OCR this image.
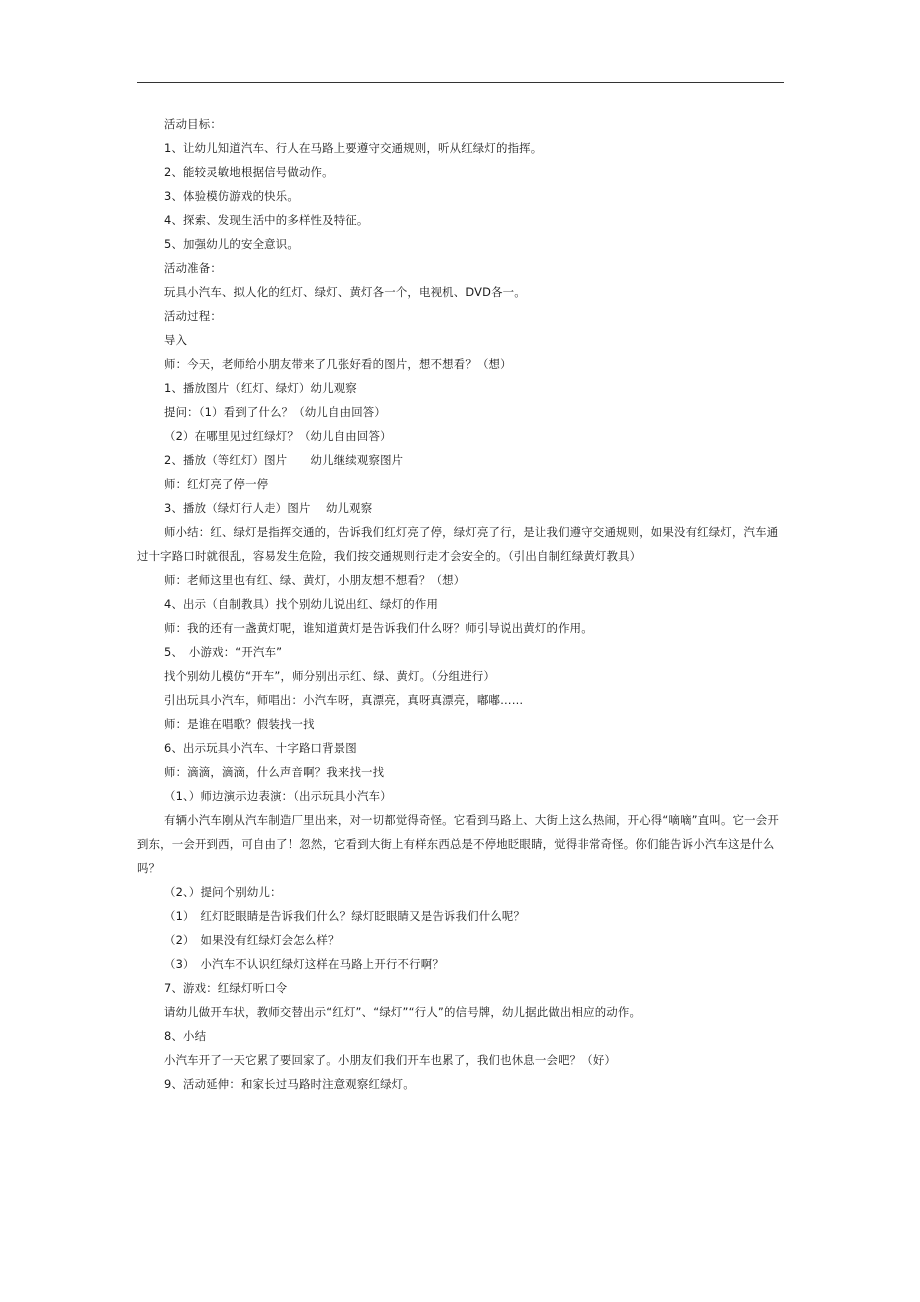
活动目标：
1、让幼儿知道汽车、行人在马路上要遵守交通规则，听从红绿灯的指挥。
2、能较灵敏地根据信号做动作。
3、体验模仿游戏的快乐。
4、探索、发现生活中的多样性及特征。
5、加强幼儿的安全意识。
活动准备：
玩具小汽车、拟人化的红灯、绿灯、黄灯各一个，电视机、DVD各一。
活动过程：
导入
师：今天，老师给小朋友带来了几张好看的图片，想不想看？（想）
1、播放图片（红灯、绿灯）幼儿观察
提问：（1）看到了什么？（幼儿自由回答）
（2）在哪里见过红绿灯？（幼儿自由回答）
2、播放（等红灯）图片　　幼儿继续观察图片
师：红灯亮了停一停
3、播放（绿灯行人走）图片　 幼儿观察
师小结：红、绿灯是指挥交通的，告诉我们红灯亮了停，绿灯亮了行，是让我们遵守交通规则，如果没有红绿灯，汽车通过十字路口时就很乱，容易发生危险，我们按交通规则行走才会安全的。（引出自制红绿黄灯教具）
师：老师这里也有红、绿、黄灯，小朋友想不想看？（想）
4、出示（自制教具）找个别幼儿说出红、绿灯的作用
师：我的还有一盏黄灯呢，谁知道黄灯是告诉我们什么呀？师引导说出黄灯的作用。
5、　小游戏：“开汽车”
找个别幼儿模仿“开车”，师分别出示红、绿、黄灯。（分组进行）
引出玩具小汽车，师唱出：小汽车呀，真漂亮，真呀真漂亮，嘟嘟……
师：是谁在唱歌？假装找一找
6、出示玩具小汽车、十字路口背景图
师：滴滴，滴滴，什么声音啊？我来找一找
（1、）师边演示边表演：（出示玩具小汽车）
有辆小汽车刚从汽车制造厂里出来，对一切都觉得奇怪。它看到马路上、大街上这么热闹，开心得“嘀嘀”直叫。它一会开到东，一会开到西，可自由了！忽然，它看到大街上有样东西总是不停地眨眼睛，觉得非常奇怪。你们能告诉小汽车这是什么吗？
（2、）提问个别幼儿：
（1）　红灯眨眼睛是告诉我们什么？绿灯眨眼睛又是告诉我们什么呢？
（2）　如果没有红绿灯会怎么样？
（3）　小汽车不认识红绿灯这样在马路上开行不行啊？
7、游戏：红绿灯听口令
请幼儿做开车状，教师交替出示“红灯”、“绿灯”“行人”的信号牌，幼儿据此做出相应的动作。
8、小结
小汽车开了一天它累了要回家了。小朋友们我们开车也累了，我们也休息一会吧？（好）
9、活动延伸：和家长过马路时注意观察红绿灯。
